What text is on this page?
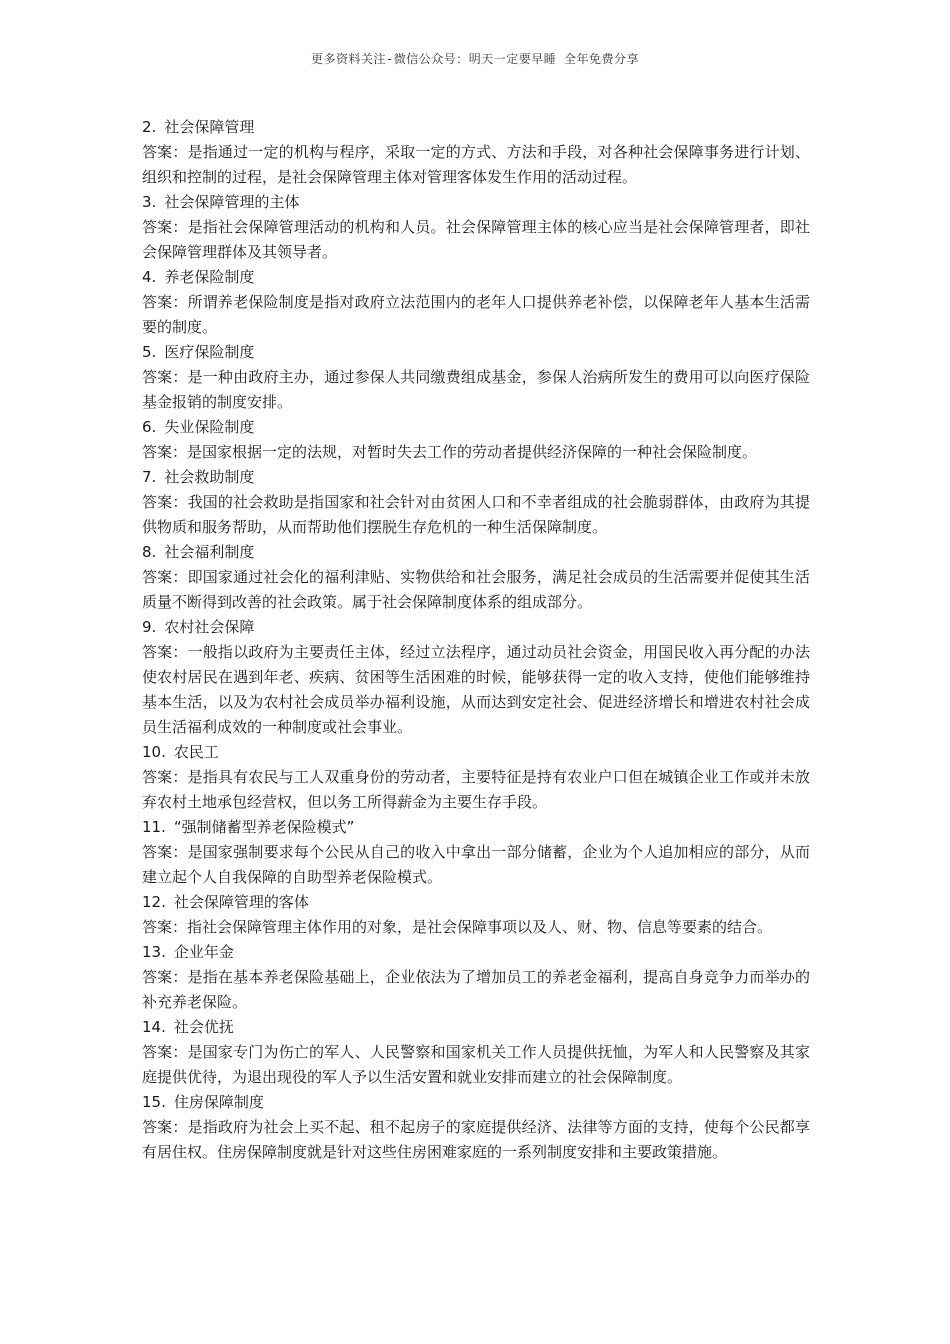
更多资料关注-微信公众号：明天一定要早睡 全年免费分享

2. 社会保障管理

答案：是指通过一定的机构与程序，采取一定的方式、方法和手段，对各种社会保障事务进行计划、组织和控制的过程，是社会保障管理主体对管理客体发生作用的活动过程。

3. 社会保障管理的主体

答案：是指社会保障管理活动的机构和人员。社会保障管理主体的核心应当是社会保障管理者，即社会保障管理群体及其领导者。

4. 养老保险制度

答案：所谓养老保险制度是指对政府立法范围内的老年人口提供养老补偿，以保障老年人基本生活需要的制度。

5. 医疗保险制度

答案：是一种由政府主办，通过参保人共同缴费组成基金，参保人治病所发生的费用可以向医疗保险基金报销的制度安排。

6. 失业保险制度

答案：是国家根据一定的法规，对暂时失去工作的劳动者提供经济保障的一种社会保险制度。

7. 社会救助制度

答案：我国的社会救助是指国家和社会针对由贫困人口和不幸者组成的社会脆弱群体，由政府为其提供物质和服务帮助，从而帮助他们摆脱生存危机的一种生活保障制度。

8. 社会福利制度

答案：即国家通过社会化的福利津贴、实物供给和社会服务，满足社会成员的生活需要并促使其生活质量不断得到改善的社会政策。属于社会保障制度体系的组成部分。

9. 农村社会保障

答案：一般指以政府为主要责任主体，经过立法程序，通过动员社会资金，用国民收入再分配的办法使农村居民在遇到年老、疾病、贫困等生活困难的时候，能够获得一定的收入支持，使他们能够维持基本生活，以及为农村社会成员举办福利设施，从而达到安定社会、促进经济增长和增进农村社会成员生活福利成效的一种制度或社会事业。

10. 农民工

答案：是指具有农民与工人双重身份的劳动者，主要特征是持有农业户口但在城镇企业工作或并未放弃农村土地承包经营权，但以务工所得薪金为主要生存手段。

11. “强制储蓄型养老保险模式”

答案：是国家强制要求每个公民从自己的收入中拿出一部分储蓄，企业为个人追加相应的部分，从而建立起个人自我保障的自助型养老保险模式。

12. 社会保障管理的客体

答案：指社会保障管理主体作用的对象，是社会保障事项以及人、财、物、信息等要素的结合。

13. 企业年金

答案：是指在基本养老保险基础上，企业依法为了增加员工的养老金福利，提高自身竞争力而举办的补充养老保险。

14. 社会优抚

答案：是国家专门为伤亡的军人、人民警察和国家机关工作人员提供抚恤，为军人和人民警察及其家庭提供优待，为退出现役的军人予以生活安置和就业安排而建立的社会保障制度。

15. 住房保障制度

答案：是指政府为社会上买不起、租不起房子的家庭提供经济、法律等方面的支持，使每个公民都享有居住权。住房保障制度就是针对这些住房困难家庭的一系列制度安排和主要政策措施。
